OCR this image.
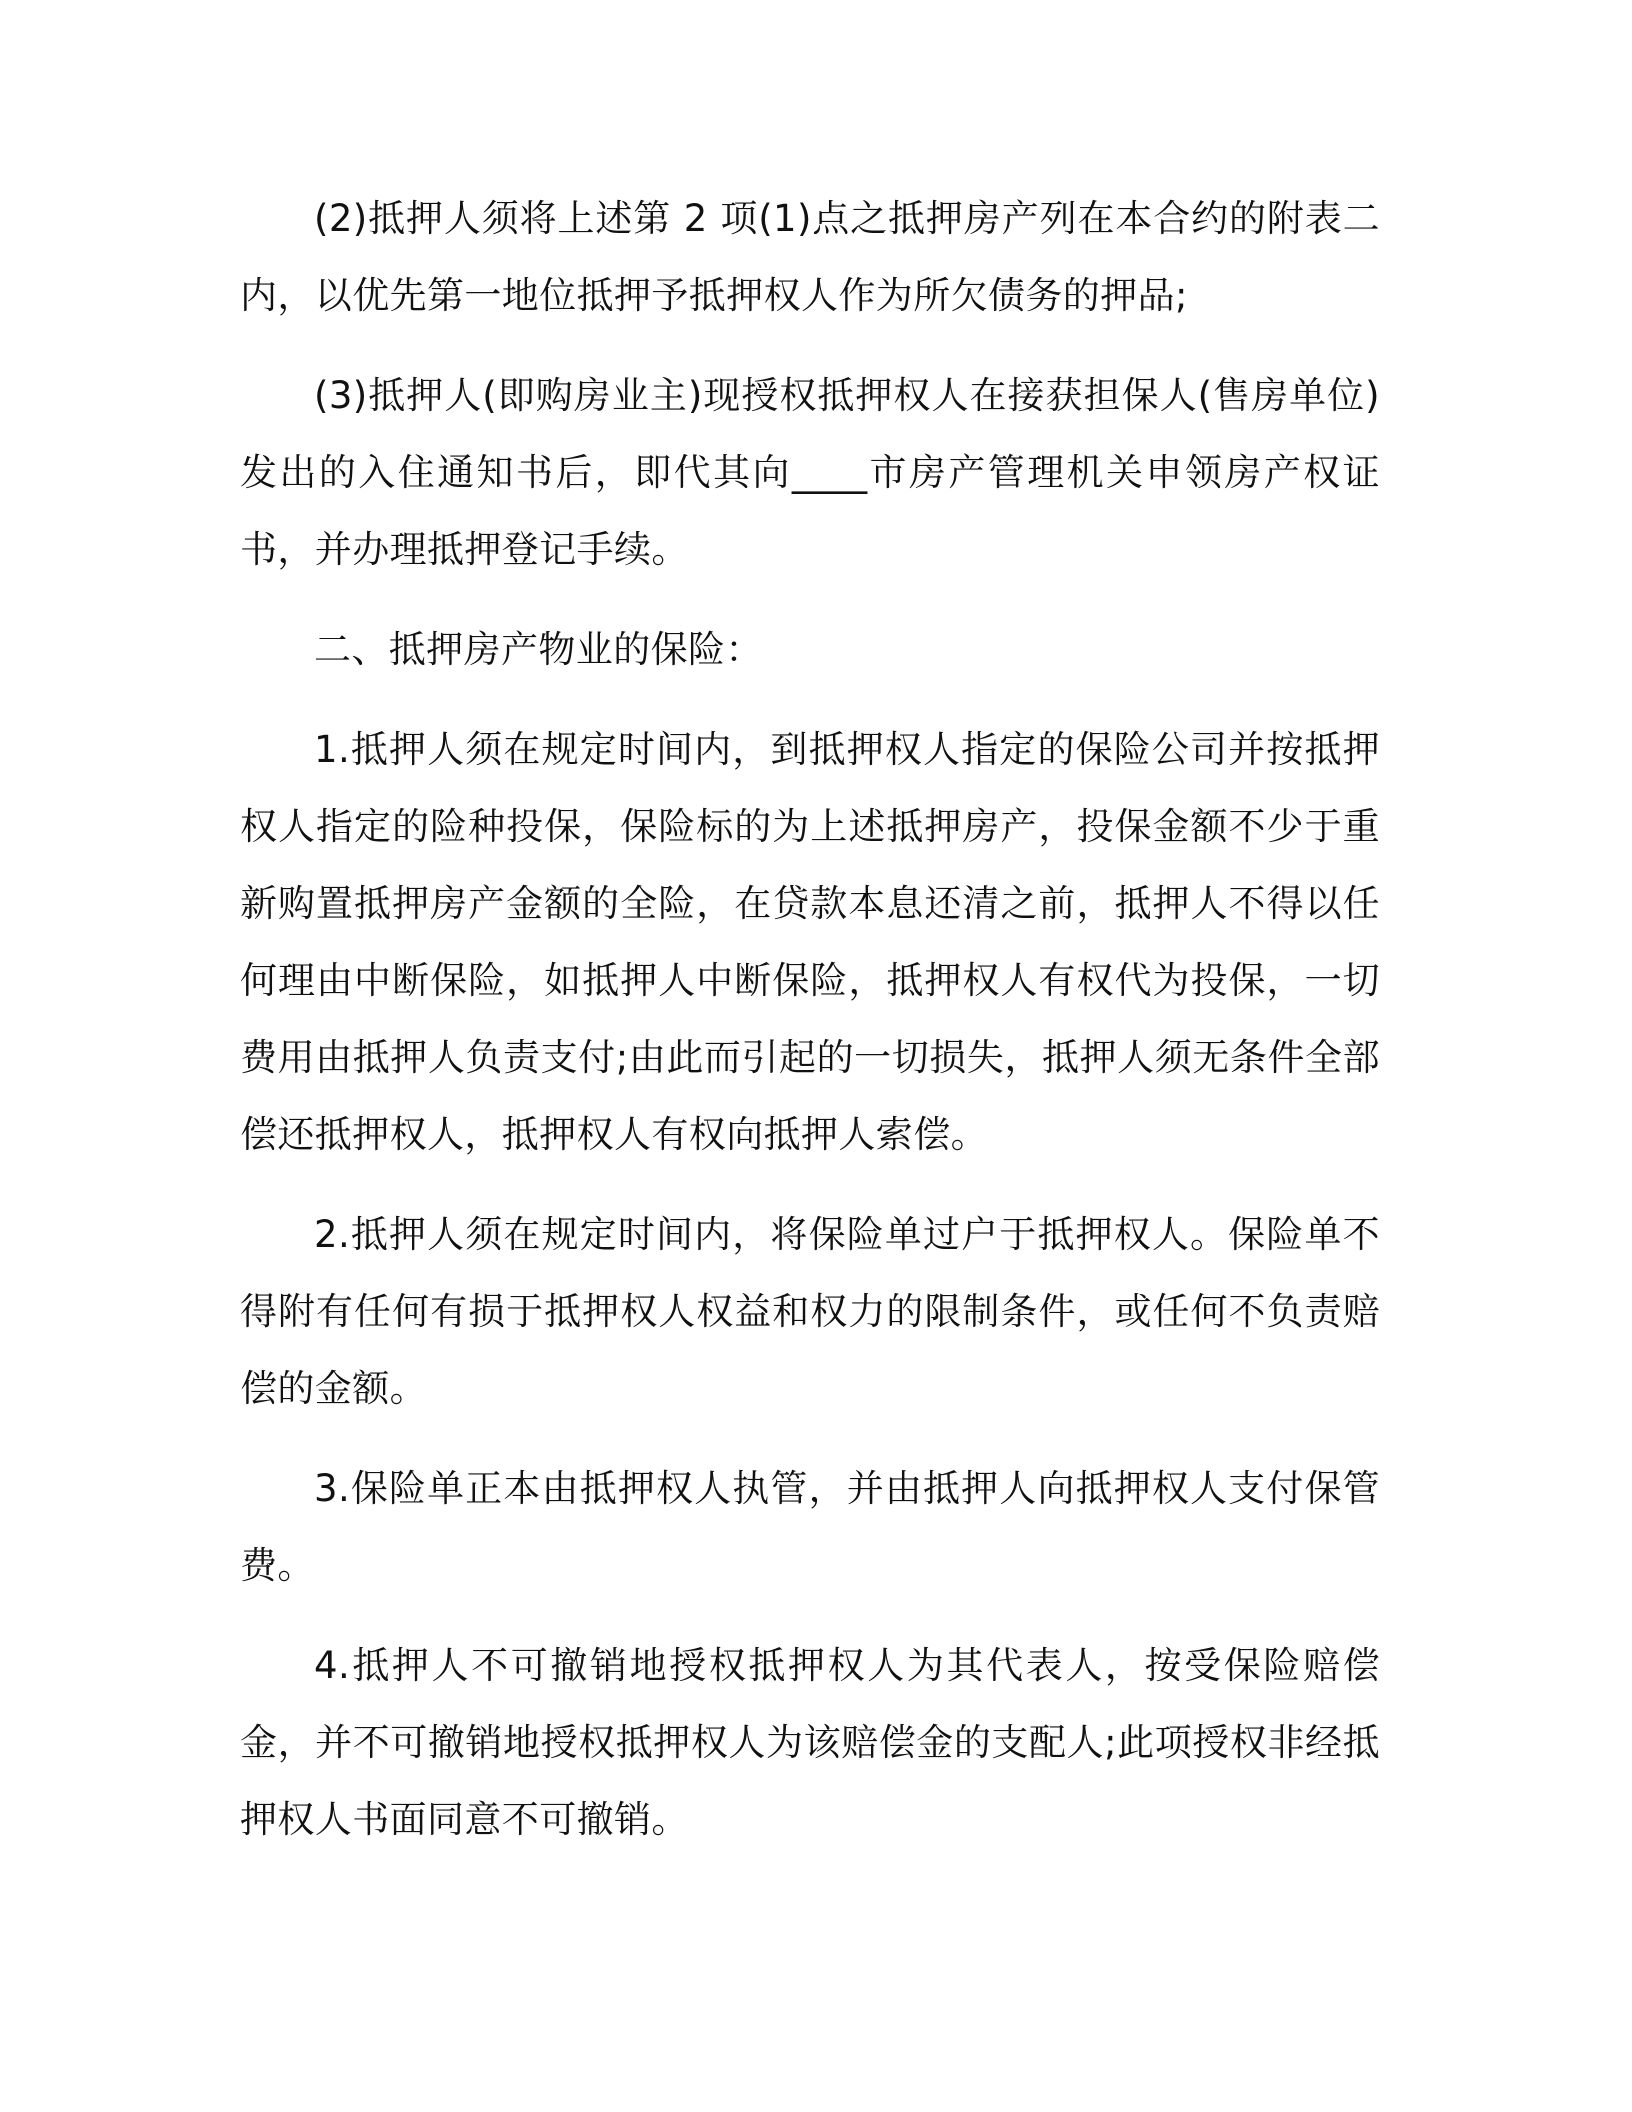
(2)抵押人须将上述第 2 项(1)点之抵押房产列在本合约的附表二内，以优先第一地位抵押予抵押权人作为所欠债务的押品;

(3)抵押人(即购房业主)现授权抵押权人在接获担保人(售房单位)发出的入住通知书后，即代其向____市房产管理机关申领房产权证书，并办理抵押登记手续。

二、抵押房产物业的保险：

1.抵押人须在规定时间内，到抵押权人指定的保险公司并按抵押权人指定的险种投保，保险标的为上述抵押房产，投保金额不少于重新购置抵押房产金额的全险，在贷款本息还清之前，抵押人不得以任何理由中断保险，如抵押人中断保险，抵押权人有权代为投保，一切费用由抵押人负责支付;由此而引起的一切损失，抵押人须无条件全部偿还抵押权人，抵押权人有权向抵押人索偿。

2.抵押人须在规定时间内，将保险单过户于抵押权人。保险单不得附有任何有损于抵押权人权益和权力的限制条件，或任何不负责赔偿的金额。

3.保险单正本由抵押权人执管，并由抵押人向抵押权人支付保管费。

4.抵押人不可撤销地授权抵押权人为其代表人，按受保险赔偿金，并不可撤销地授权抵押权人为该赔偿金的支配人;此项授权非经抵押权人书面同意不可撤销。
